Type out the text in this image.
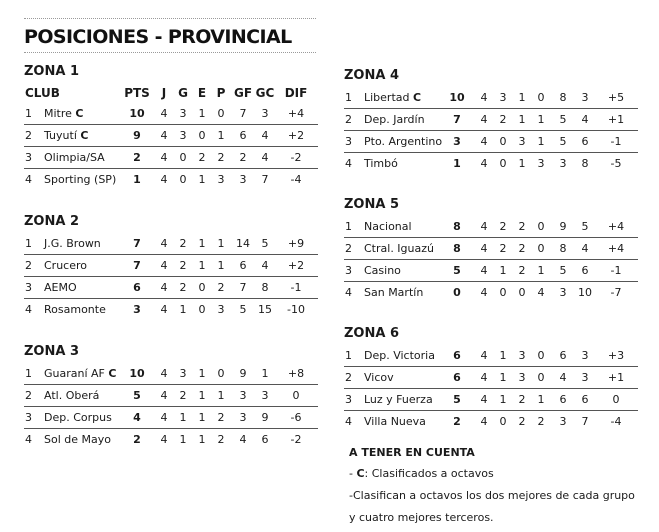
POSICIONES - PROVINCIAL
ZONA 1
CLUB	PTS J G E P GF GC DIF
1 Mitre C	10	4	3	1	0	7	3	+4
2 Tuyutí C	9	4	3	0	1	6	4	+2
3 Olimpia/SA	2	4	0	2	2	2	4	-2
4 Sporting (SP)	1	4	0	1	3	3	7	-4
ZONA 2
1 J.G. Brown	7	4	2	1	1	14	5	+9
2 Crucero	7	4	2	1	1	6	4	+2
3 AEMO	6	4	2	0	2	7	8	-1
4 Rosamonte	3	4	1	0	3	5	15 -10
ZONA 3
1 Guaraní AF C 10	4	3	1	0	9	1	+8
2 Atl. Oberá	5	4	2	1	1	3	3	0
3 Dep. Corpus	4	4	1	1	2	3	9	-6
4 Sol de Mayo	2	4	1	1	2	4	6	-2
ZONA 4
1 Libertad C	10	4	3	1	0	8	3	+5
2 Dep. Jardín	7	4	2	1	1	5	4	+1
3 Pto. Argentino	3	4	0	3	1	5	6	-1
4 Timbó	1	4	0	1	3	3	8	-5
ZONA 5
1 Nacional	8	4	2	2	0	9	5	+4
2 Ctral. Iguazú	8	4	2	2	0	8	4	+4
3 Casino	5	4	1	2	1	5	6	-1
4 San Martín	0	4	0	0	4	3	10	-7
ZONA 6
1 Dep. Victoria	6	4	1	3	0	6	3	+3
2 Vicov	6	4	1	3	0	4	3	+1
3 Luz y Fuerza	5	4	1	2	1	6	6	0
4 Villa Nueva	2	4	0	2	2	3	7	-4
A TENER EN CUENTA
- C: Clasificados a octavos
-Clasifican a octavos los dos mejores de cada grupo
y cuatro mejores terceros.
